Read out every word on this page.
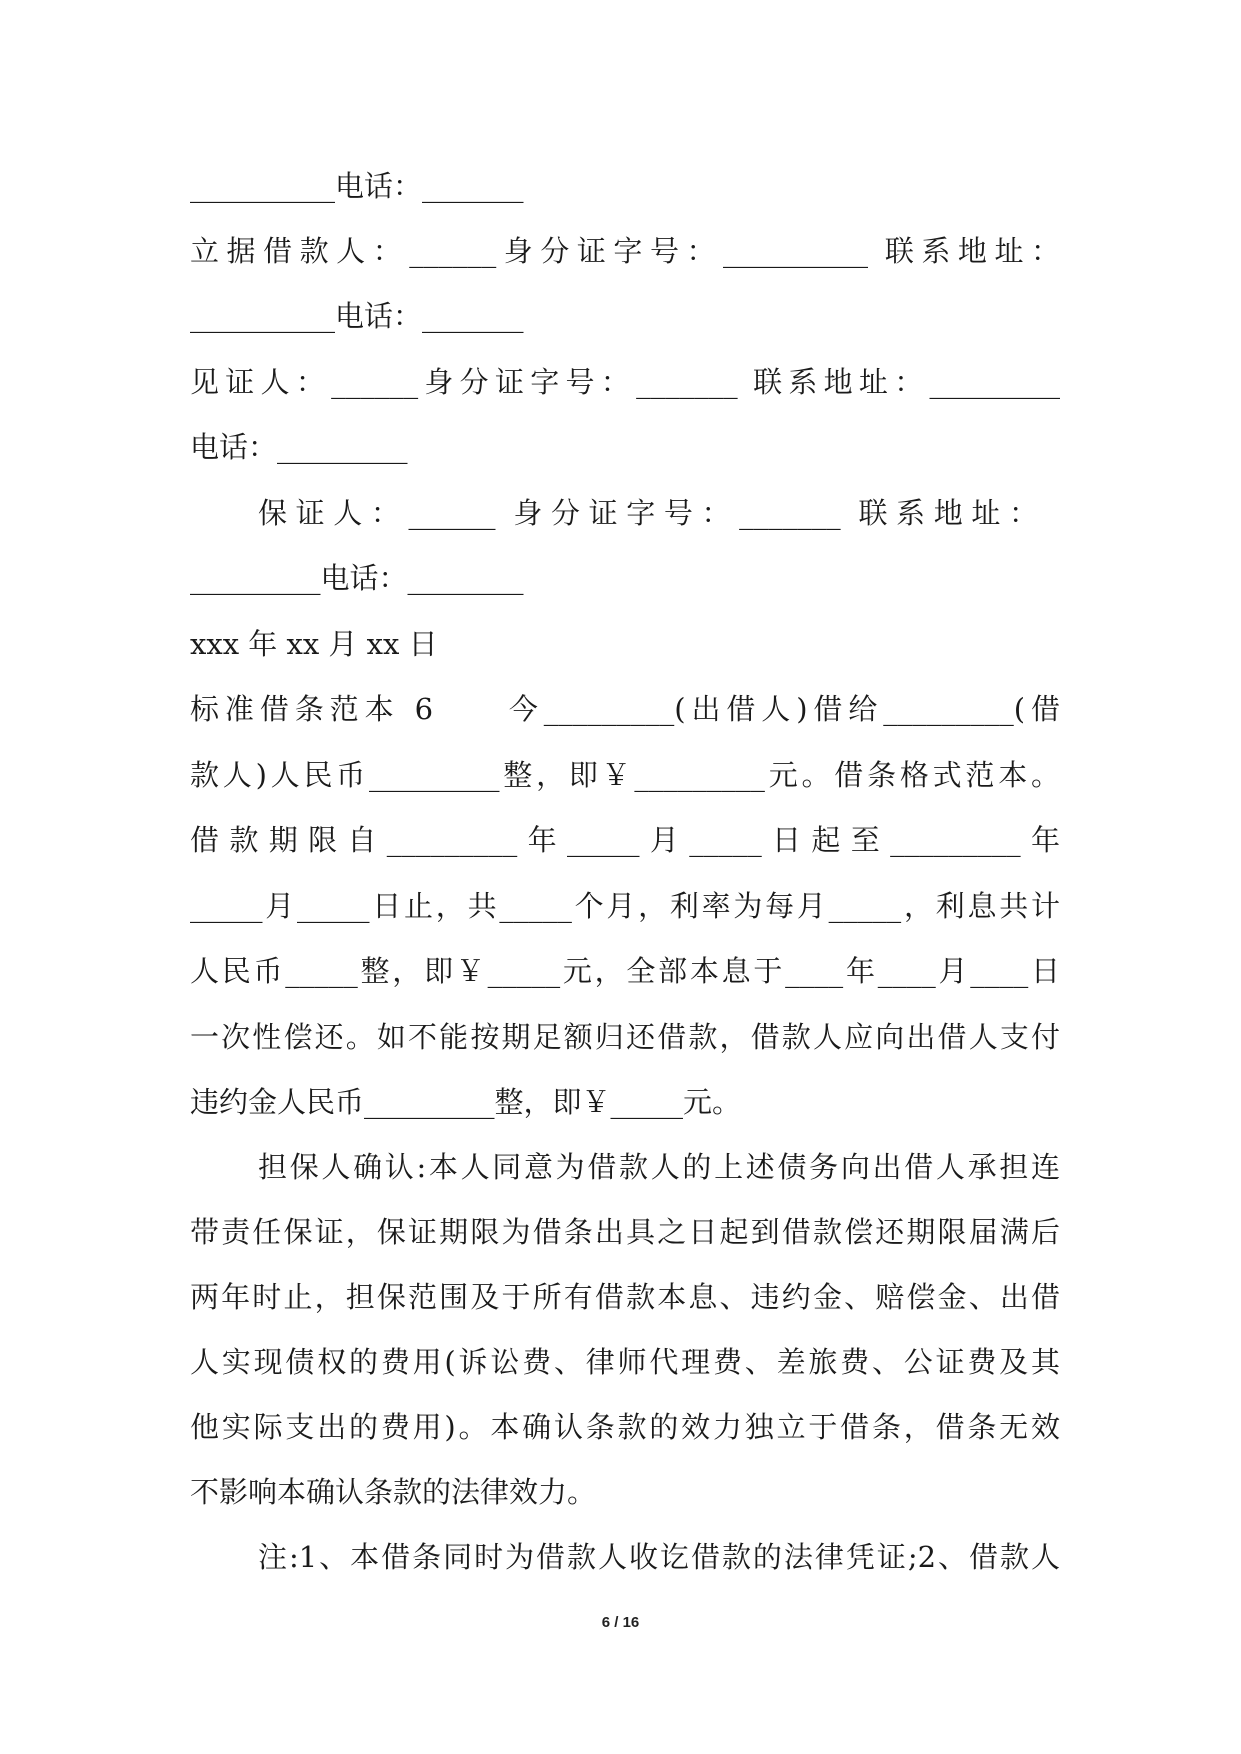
__________电话：_______

立据借款人：______身分证字号：__________ 联系地址：

__________电话：_______

见证人：______身分证字号：_______ 联系地址：_________

电话：_________

保证人：______ 身分证字号：_______ 联系地址：

_________电话：________

xxx 年 xx 月 xx 日

标准借条范本 6　　今_________(出借人)借给_________(借

款人)人民币_________整，即￥_________元。借条格式范本。

借款期限自_________年_____月_____日起至_________年

_____月_____日止，共_____个月，利率为每月_____，利息共计

人民币_____整，即￥_____元，全部本息于____年____月____日

一次性偿还。如不能按期足额归还借款，借款人应向出借人支付

违约金人民币_________整，即￥_____元。

担保人确认:本人同意为借款人的上述债务向出借人承担连

带责任保证，保证期限为借条出具之日起到借款偿还期限届满后

两年时止，担保范围及于所有借款本息、违约金、赔偿金、出借

人实现债权的费用(诉讼费、律师代理费、差旅费、公证费及其

他实际支出的费用)。本确认条款的效力独立于借条，借条无效

不影响本确认条款的法律效力。

注:1、本借条同时为借款人收讫借款的法律凭证;2、借款人

6 / 16
